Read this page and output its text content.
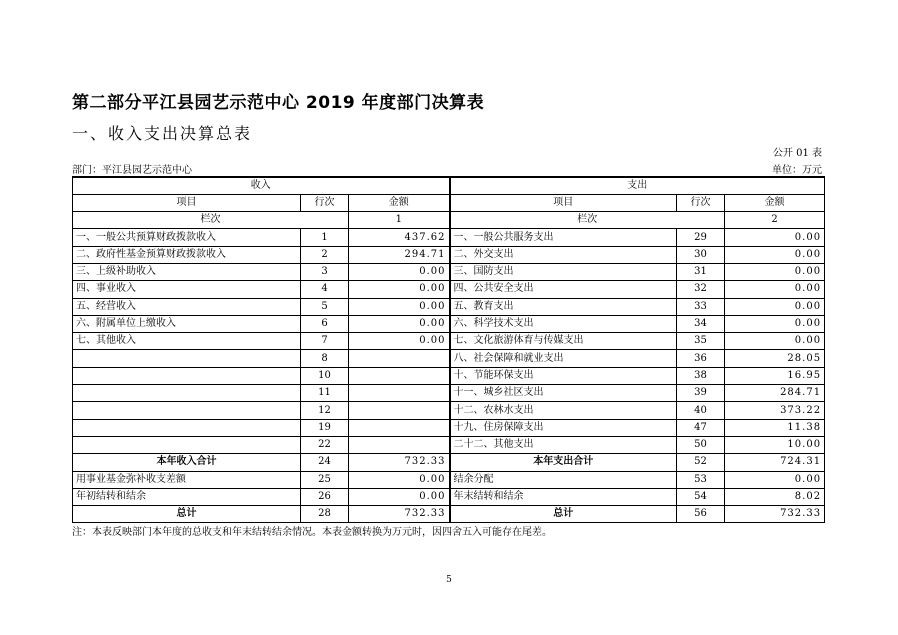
第二部分平江县园艺示范中心 2019 年度部门决算表
一、收入支出决算总表
公开 01 表
部门：平江县园艺示范中心	单位：万元
收入			支出		
项目	行次	金额	项目	行次	金额
栏次		1	栏次		2
一、一般公共预算财政拨款收入	1	437.62	一、一般公共服务支出	29	0.00
二、政府性基金预算财政拨款收入	2	294.71	二、外交支出	30	0.00
三、上级补助收入	3	0.00	三、国防支出	31	0.00
四、事业收入	4	0.00	四、公共安全支出	32	0.00
五、经营收入	5	0.00	五、教育支出	33	0.00
六、附属单位上缴收入	6	0.00	六、科学技术支出	34	0.00
七、其他收入	7	0.00	七、文化旅游体育与传媒支出	35	0.00
	8		八、社会保障和就业支出	36	28.05
	10		十、节能环保支出	38	16.95
	11		十一、城乡社区支出	39	284.71
	12		十二、农林水支出	40	373.22
	19		十九、住房保障支出	47	11.38
	22		二十二、其他支出	50	10.00
本年收入合计	24	732.33	本年支出合计	52	724.31
用事业基金弥补收支差额	25	0.00	结余分配	53	0.00
年初结转和结余	26	0.00	年末结转和结余	54	8.02
总计	28	732.33	总计	56	732.33
注：本表反映部门本年度的总收支和年末结转结余情况。本表金额转换为万元时，因四舍五入可能存在尾差。
5
